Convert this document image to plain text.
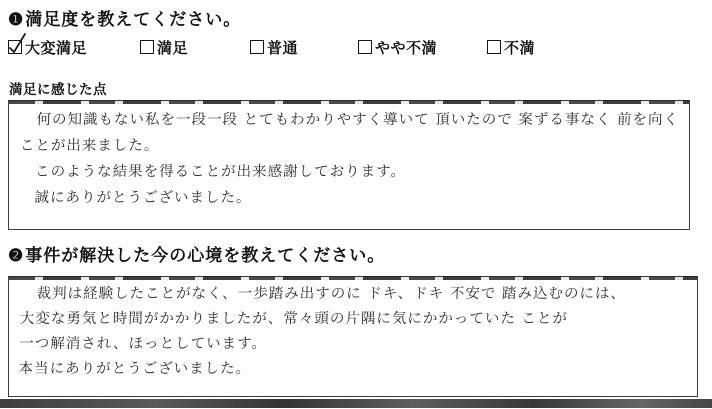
❶満足度を教えてください。
大変満足	満足	普通	やや不満	不満
満足に感じた点
何の知識もない私を一段一段 とてもわかりやすく導いて 頂いたので 案ずる事なく 前を向く
ことが出来ました。
このような結果を得ることが出来感謝しております。
誠にありがとうございました。
❷事件が解決した今の心境を教えてください。
裁判は経験したことがなく、一歩踏み出すのに ドキ、ドキ 不安で 踏み込むのには、
大変な勇気と時間がかかりましたが、常々頭の片隅に気にかかっていた ことが
一つ解消され、ほっとしています。
本当にありがとうございました。
